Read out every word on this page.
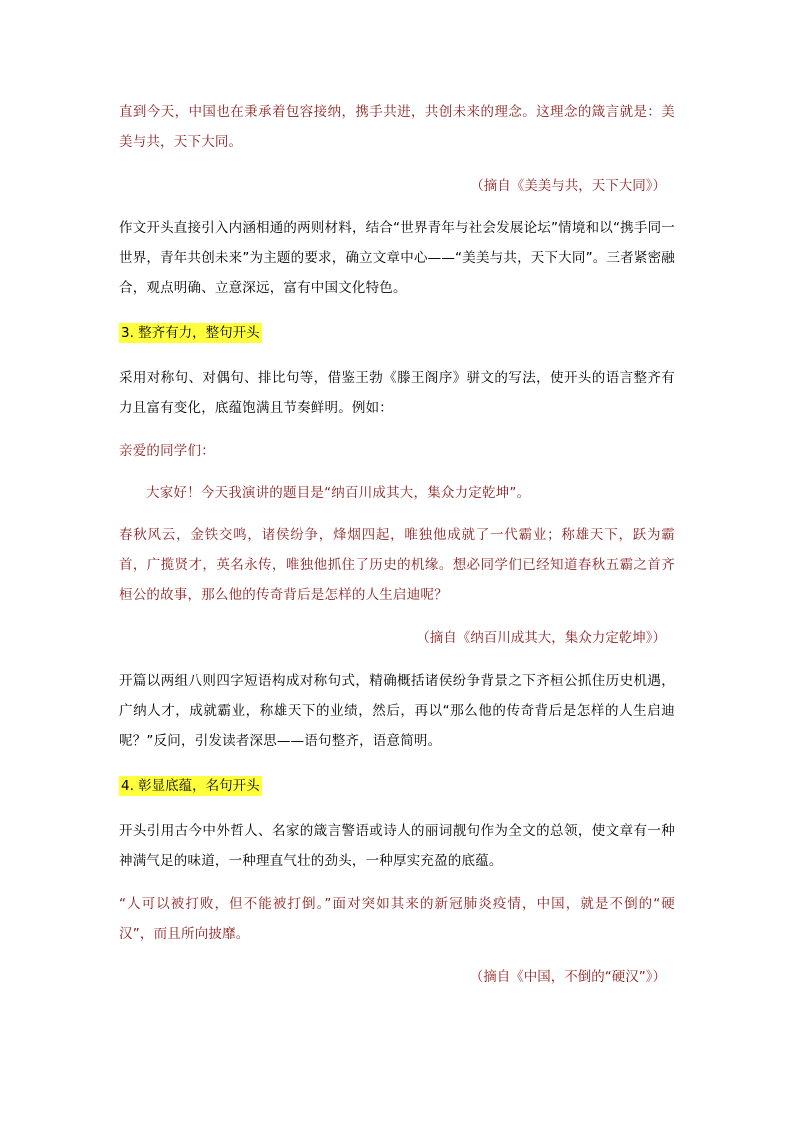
直到今天，中国也在秉承着包容接纳，携手共进，共创未来的理念。这理念的箴言就是：美美与共，天下大同。

（摘自《美美与共，天下大同》）

作文开头直接引入内涵相通的两则材料，结合“世界青年与社会发展论坛”情境和以“携手同一世界，青年共创未来”为主题的要求，确立文章中心——“美美与共，天下大同”。三者紧密融合，观点明确、立意深远，富有中国文化特色。

3. 整齐有力，整句开头

采用对称句、对偶句、排比句等，借鉴王勃《滕王阁序》骈文的写法，使开头的语言整齐有力且富有变化，底蕴饱满且节奏鲜明。例如：

亲爱的同学们：

大家好！今天我演讲的题目是“纳百川成其大，集众力定乾坤”。

春秋风云，金铁交鸣，诸侯纷争，烽烟四起，唯独他成就了一代霸业；称雄天下，跃为霸首，广揽贤才，英名永传，唯独他抓住了历史的机缘。想必同学们已经知道春秋五霸之首齐桓公的故事，那么他的传奇背后是怎样的人生启迪呢？

（摘自《纳百川成其大，集众力定乾坤》）

开篇以两组八则四字短语构成对称句式，精确概括诸侯纷争背景之下齐桓公抓住历史机遇，广纳人才，成就霸业，称雄天下的业绩，然后，再以“那么他的传奇背后是怎样的人生启迪呢？”反问，引发读者深思——语句整齐，语意简明。

4. 彰显底蕴，名句开头

开头引用古今中外哲人、名家的箴言警语或诗人的丽词靓句作为全文的总领，使文章有一种神满气足的味道，一种理直气壮的劲头，一种厚实充盈的底蕴。

“人可以被打败，但不能被打倒。”面对突如其来的新冠肺炎疫情，中国，就是不倒的“硬汉”，而且所向披靡。

（摘自《中国，不倒的“硬汉”》）
